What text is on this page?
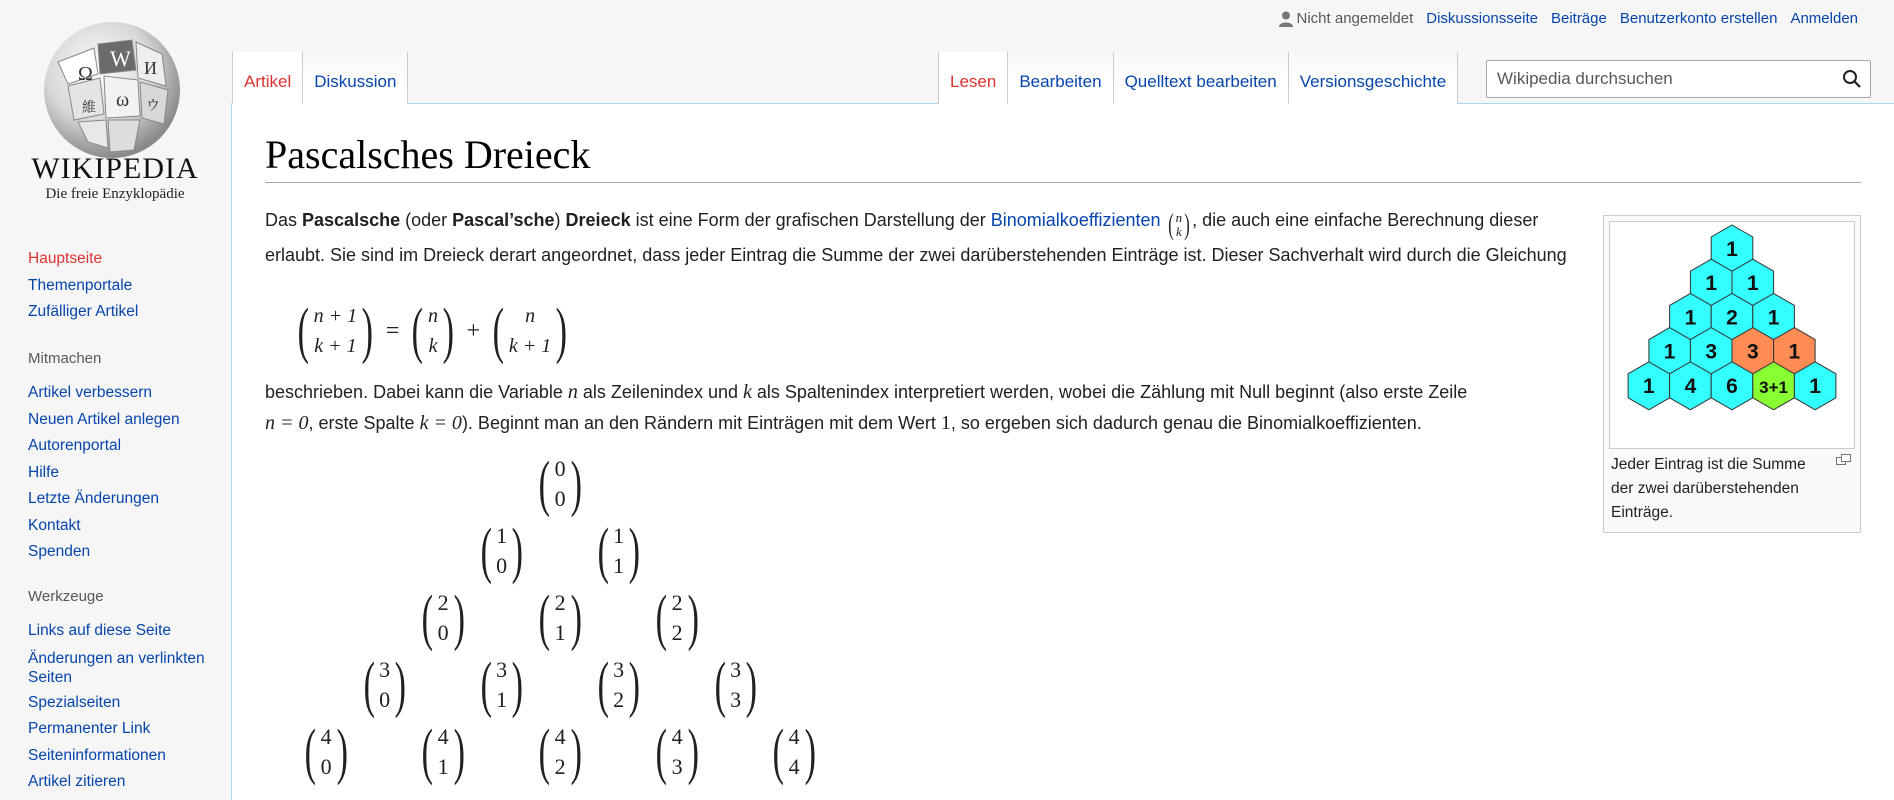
Ω
W И
ω
維	ウ
WIKIPEDIA
Die freie Enzyklopädie
Hauptseite
Themenportale
Zufälliger Artikel
Mitmachen
Artikel verbessern
Neuen Artikel anlegen
Autorenportal
Hilfe
Letzte Änderungen
Kontakt
Spenden
Werkzeuge
Links auf diese Seite
Änderungen an verlinkten Seiten
Spezialseiten
Permanenter Link
Seiteninformationen
Artikel zitieren
Nicht angemeldet Diskussionsseite Beiträge Benutzerkonto erstellen Anmelden
Artikel	Diskussion	Lesen	Bearbeiten	Quelltext bearbeiten	Versionsgeschichte
Wikipedia durchsuchen
Pascalsches Dreieck
Das Pascalsche (oder Pascal’sche) Dreieck ist eine Form der grafischen Darstellung der Binomialkoeffizienten ( n
k ) , die auch eine einfache Berechnung dieser erlaubt. Sie sind im Dreieck derart angeordnet, dass jeder Eintrag die Summe der zwei darüberstehenden Einträge ist. Dieser Sachverhalt wird durch die Gleichung
( n + 1
k + 1 ) = ( n
k ) + ( n
k + 1 )
beschrieben. Dabei kann die Variable n als Zeilenindex und k als Spaltenindex interpretiert werden, wobei die Zählung mit Null beginnt (also erste Zeile
n = 0, erste Spalte k = 0). Beginnt man an den Rändern mit Einträgen mit dem Wert 1, so ergeben sich dadurch genau die Binomialkoeffizienten.
( 0
0 )
( 1
0 ) ( 1
1 )
( 2
0 ) ( 2
1 ) ( 2
2 )
( 3
0 ) ( 3
1 ) ( 3
2 ) ( 3
3 )
( 4
0 ) ( 4
1 ) ( 4
2 ) ( 4
3 ) ( 4
4 )
1
1 1
1 2 1
1 3 3 1
1 4 6 3+1 1
Jeder Eintrag ist die Summe der zwei darüberstehenden Einträge.
